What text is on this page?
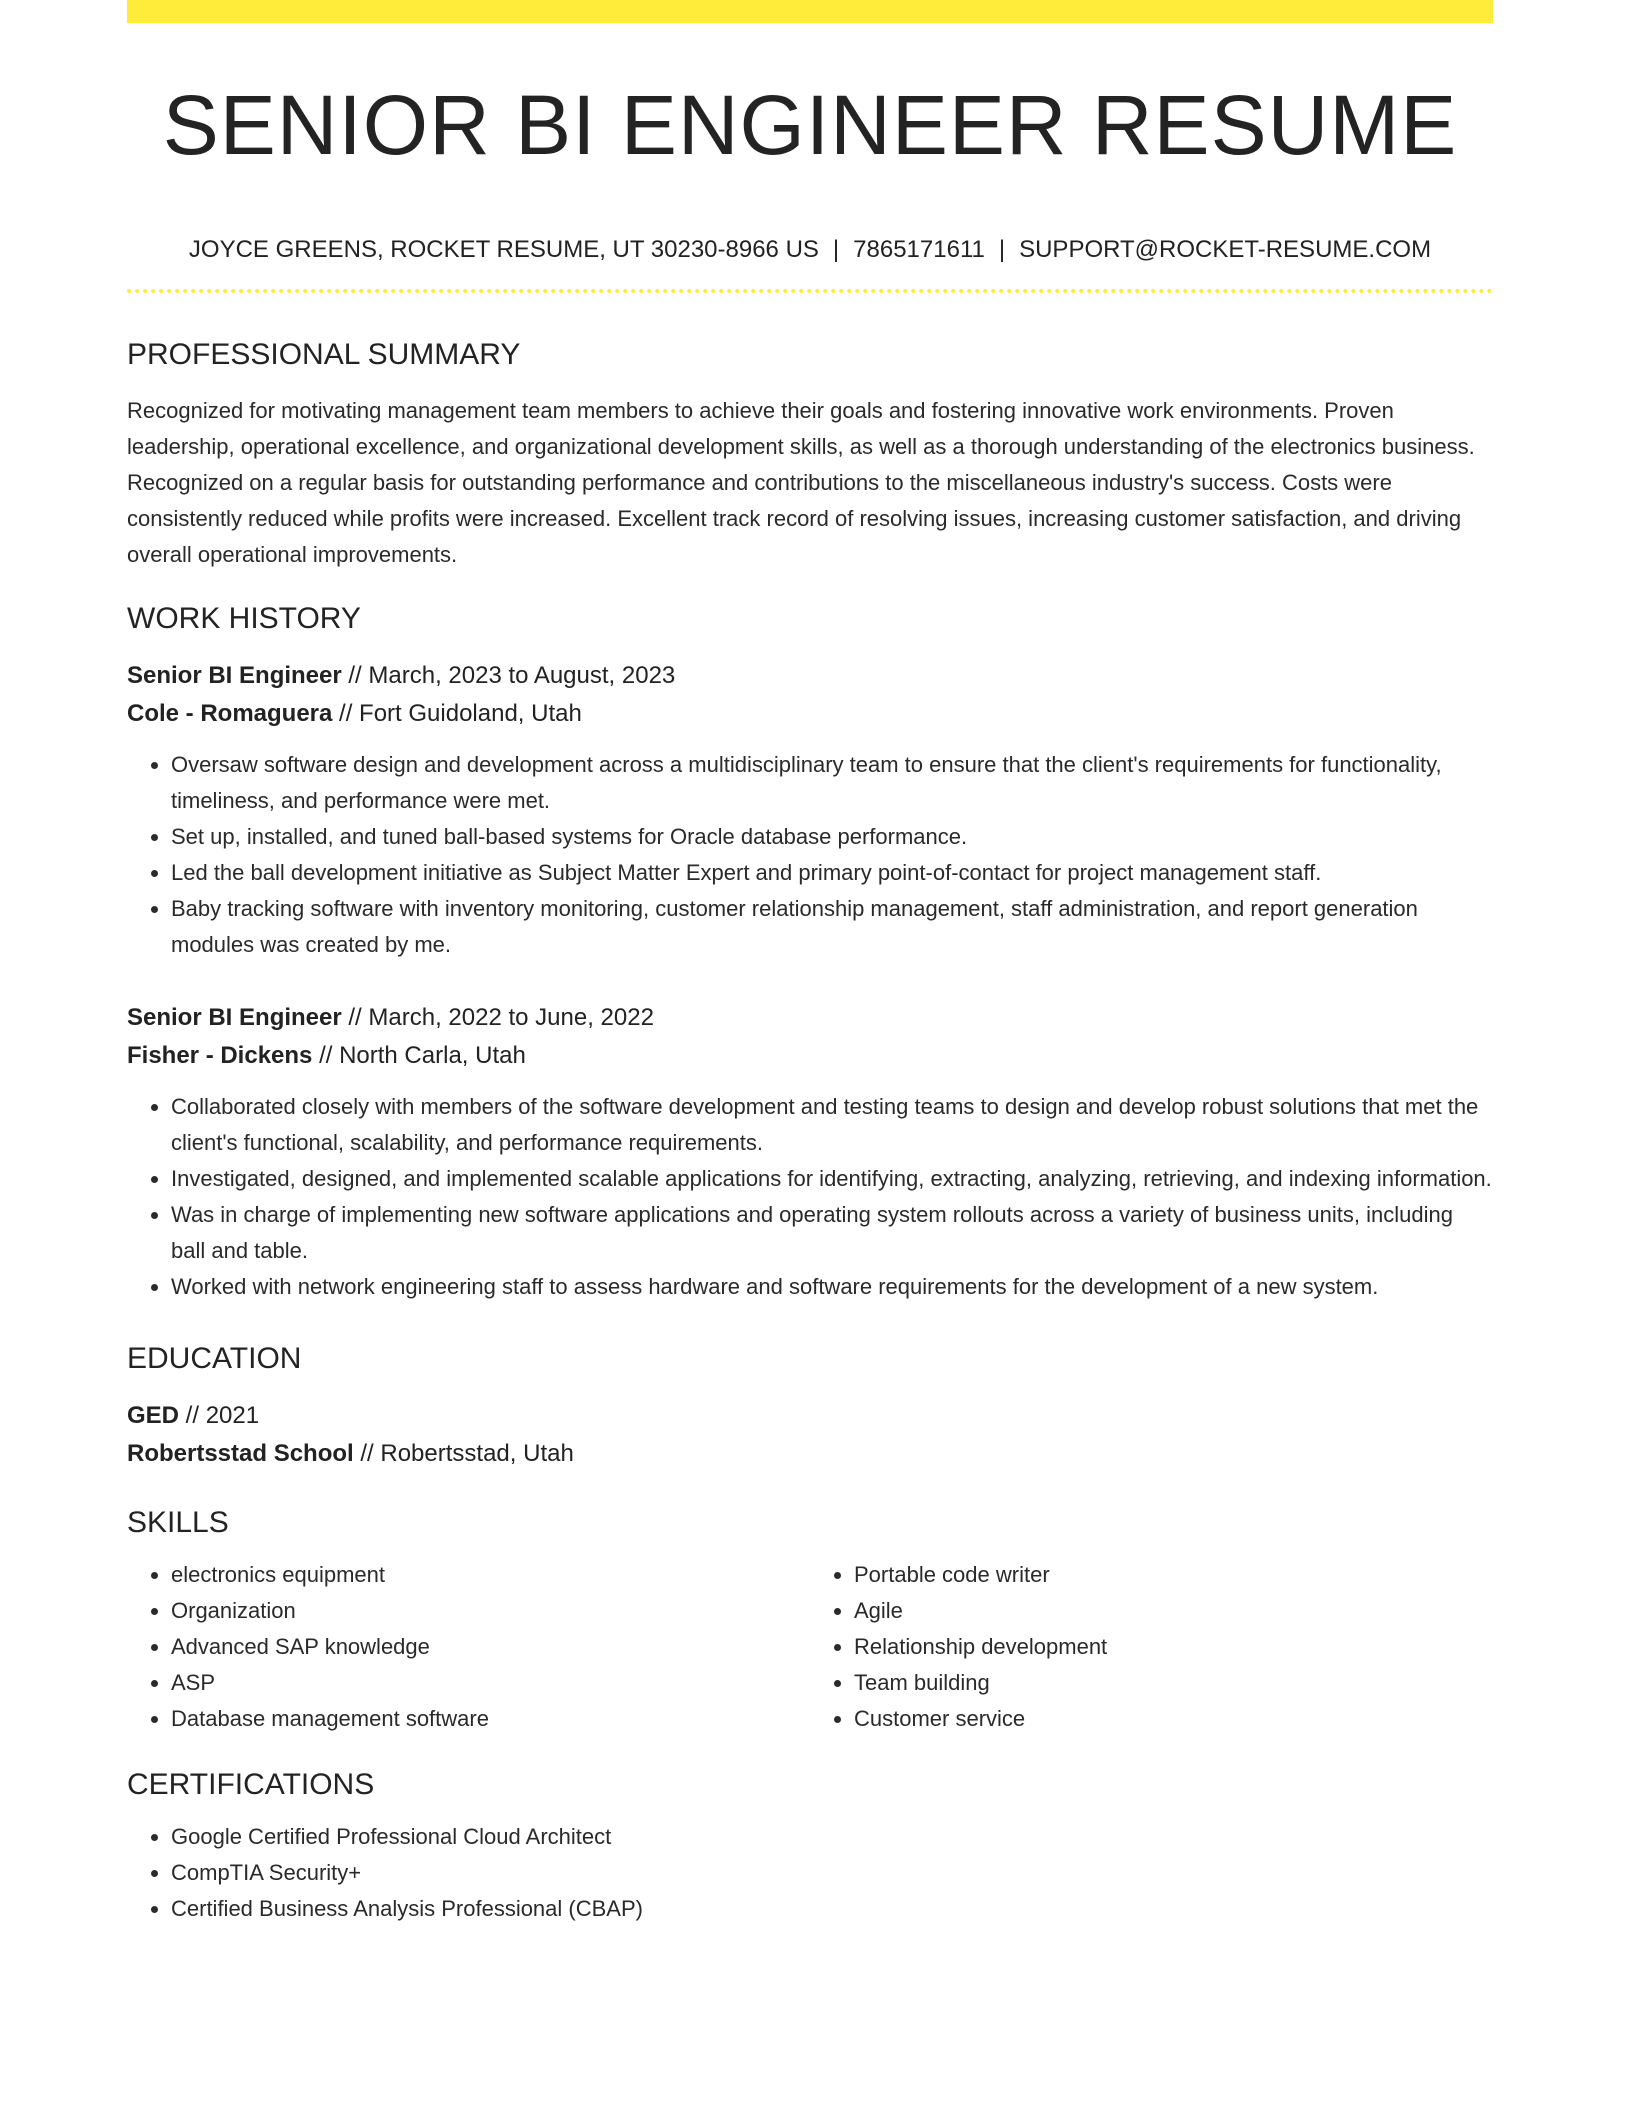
SENIOR BI ENGINEER RESUME
JOYCE GREENS, ROCKET RESUME, UT 30230-8966 US | 7865171611 | SUPPORT@ROCKET-RESUME.COM
PROFESSIONAL SUMMARY

Recognized for motivating management team members to achieve their goals and fostering innovative work environments. Proven leadership, operational excellence, and organizational development skills, as well as a thorough understanding of the electronics business. Recognized on a regular basis for outstanding performance and contributions to the miscellaneous industry's success. Costs were consistently reduced while profits were increased. Excellent track record of resolving issues, increasing customer satisfaction, and driving overall operational improvements.

WORK HISTORY
Senior BI Engineer // March, 2023 to August, 2023
Cole - Romaguera // Fort Guidoland, Utah
• Oversaw software design and development across a multidisciplinary team to ensure that the client's requirements for functionality, timeliness, and performance were met.
• Set up, installed, and tuned ball-based systems for Oracle database performance.
• Led the ball development initiative as Subject Matter Expert and primary point-of-contact for project management staff.
• Baby tracking software with inventory monitoring, customer relationship management, staff administration, and report generation modules was created by me.
Senior BI Engineer // March, 2022 to June, 2022
Fisher - Dickens // North Carla, Utah
• Collaborated closely with members of the software development and testing teams to design and develop robust solutions that met the client's functional, scalability, and performance requirements.
• Investigated, designed, and implemented scalable applications for identifying, extracting, analyzing, retrieving, and indexing information.
• Was in charge of implementing new software applications and operating system rollouts across a variety of business units, including ball and table.
• Worked with network engineering staff to assess hardware and software requirements for the development of a new system.
EDUCATION
GED // 2021
Robertsstad School // Robertsstad, Utah
SKILLS
• electronics equipment
• Organization
• Advanced SAP knowledge
• ASP
• Database management software
• Portable code writer
• Agile
• Relationship development
• Team building
• Customer service
CERTIFICATIONS
• Google Certified Professional Cloud Architect
• CompTIA Security+
• Certified Business Analysis Professional (CBAP)
